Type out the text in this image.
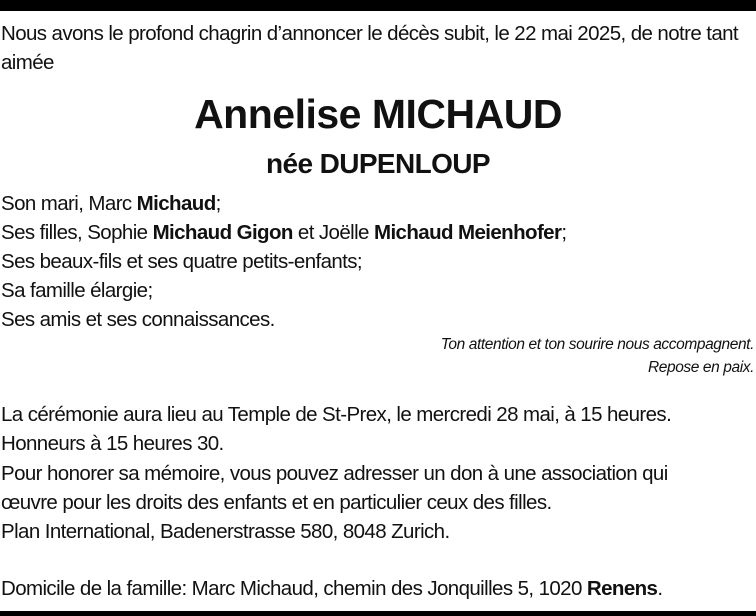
Nous avons le profond chagrin d’annoncer le décès subit, le 22 mai 2025, de notre tant aimée

Annelise MICHAUD
née DUPENLOUP
Son mari, Marc Michaud;
Ses filles, Sophie Michaud Gigon et Joëlle Michaud Meienhofer;
Ses beaux-fils et ses quatre petits-enfants;
Sa famille élargie;
Ses amis et ses connaissances.
Ton attention et ton sourire nous accompagnent.
Repose en paix.
La cérémonie aura lieu au Temple de St-Prex, le mercredi 28 mai, à 15 heures.
Honneurs à 15 heures 30.
Pour honorer sa mémoire, vous pouvez adresser un don à une association qui
œuvre pour les droits des enfants et en particulier ceux des filles.
Plan International, Badenerstrasse 580, 8048 Zurich.

Domicile de la famille: Marc Michaud, chemin des Jonquilles 5, 1020 Renens.
